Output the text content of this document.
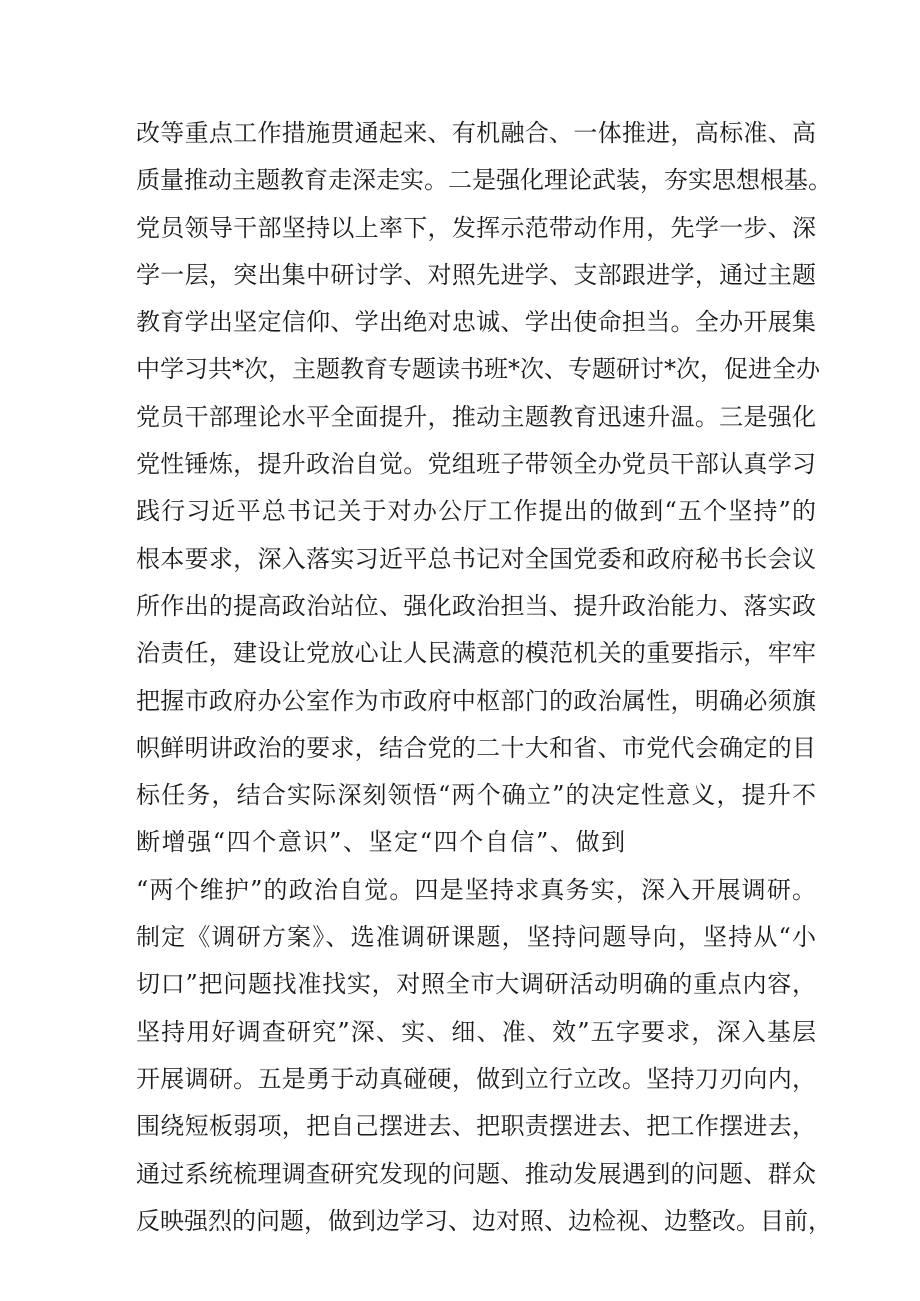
改等重点工作措施贯通起来、有机融合、一体推进，高标准、高
质量推动主题教育走深走实。二是强化理论武装，夯实思想根基。
党员领导干部坚持以上率下，发挥示范带动作用，先学一步、深
学一层，突出集中研讨学、对照先进学、支部跟进学，通过主题
教育学出坚定信仰、学出绝对忠诚、学出使命担当。全办开展集
中学习共*次，主题教育专题读书班*次、专题研讨*次，促进全办
党员干部理论水平全面提升，推动主题教育迅速升温。三是强化
党性锤炼，提升政治自觉。党组班子带领全办党员干部认真学习
践行习近平总书记关于对办公厅工作提出的做到“五个坚持”的
根本要求，深入落实习近平总书记对全国党委和政府秘书长会议
所作出的提高政治站位、强化政治担当、提升政治能力、落实政
治责任，建设让党放心让人民满意的模范机关的重要指示，牢牢
把握市政府办公室作为市政府中枢部门的政治属性，明确必须旗
帜鲜明讲政治的要求，结合党的二十大和省、市党代会确定的目
标任务，结合实际深刻领悟“两个确立”的决定性意义，提升不
断增强“四个意识”、坚定“四个自信”、做到
“两个维护”的政治自觉。四是坚持求真务实，深入开展调研。
制定《调研方案》、选准调研课题，坚持问题导向，坚持从“小
切口”把问题找准找实，对照全市大调研活动明确的重点内容，
坚持用好调查研究”深、实、细、准、效”五字要求，深入基层
开展调研。五是勇于动真碰硬，做到立行立改。坚持刀刃向内，
围绕短板弱项，把自己摆进去、把职责摆进去、把工作摆进去，
通过系统梳理调查研究发现的问题、推动发展遇到的问题、群众
反映强烈的问题，做到边学习、边对照、边检视、边整改。目前，
